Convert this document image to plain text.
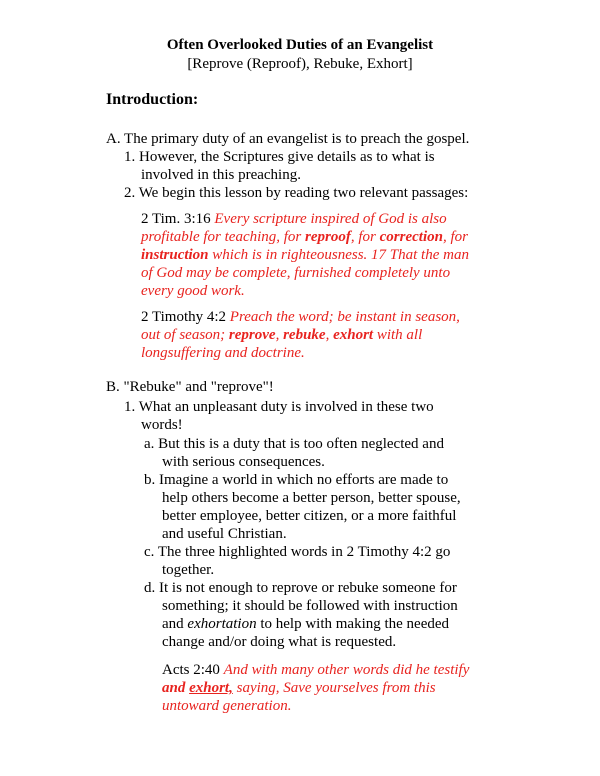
Often Overlooked Duties of an Evangelist
[Reprove (Reproof), Rebuke, Exhort]
Introduction:
A. The primary duty of an evangelist is to preach the gospel.
1. However, the Scriptures give details as to what is
involved in this preaching.
2. We begin this lesson by reading two relevant passages:
2 Tim. 3:16 Every scripture inspired of God is also
profitable for teaching, for reproof, for correction, for
instruction which is in righteousness. 17 That the man
of God may be complete, furnished completely unto
every good work.
2 Timothy 4:2 Preach the word; be instant in season,
out of season; reprove, rebuke, exhort with all
longsuffering and doctrine.
B. "Rebuke" and "reprove"!
1. What an unpleasant duty is involved in these two
words!
a. But this is a duty that is too often neglected and
with serious consequences.
b. Imagine a world in which no efforts are made to
help others become a better person, better spouse,
better employee, better citizen, or a more faithful
and useful Christian.
c. The three highlighted words in 2 Timothy 4:2 go
together.
d. It is not enough to reprove or rebuke someone for
something; it should be followed with instruction
and exhortation to help with making the needed
change and/or doing what is requested.
Acts 2:40 And with many other words did he testify
and exhort, saying, Save yourselves from this
untoward generation.
